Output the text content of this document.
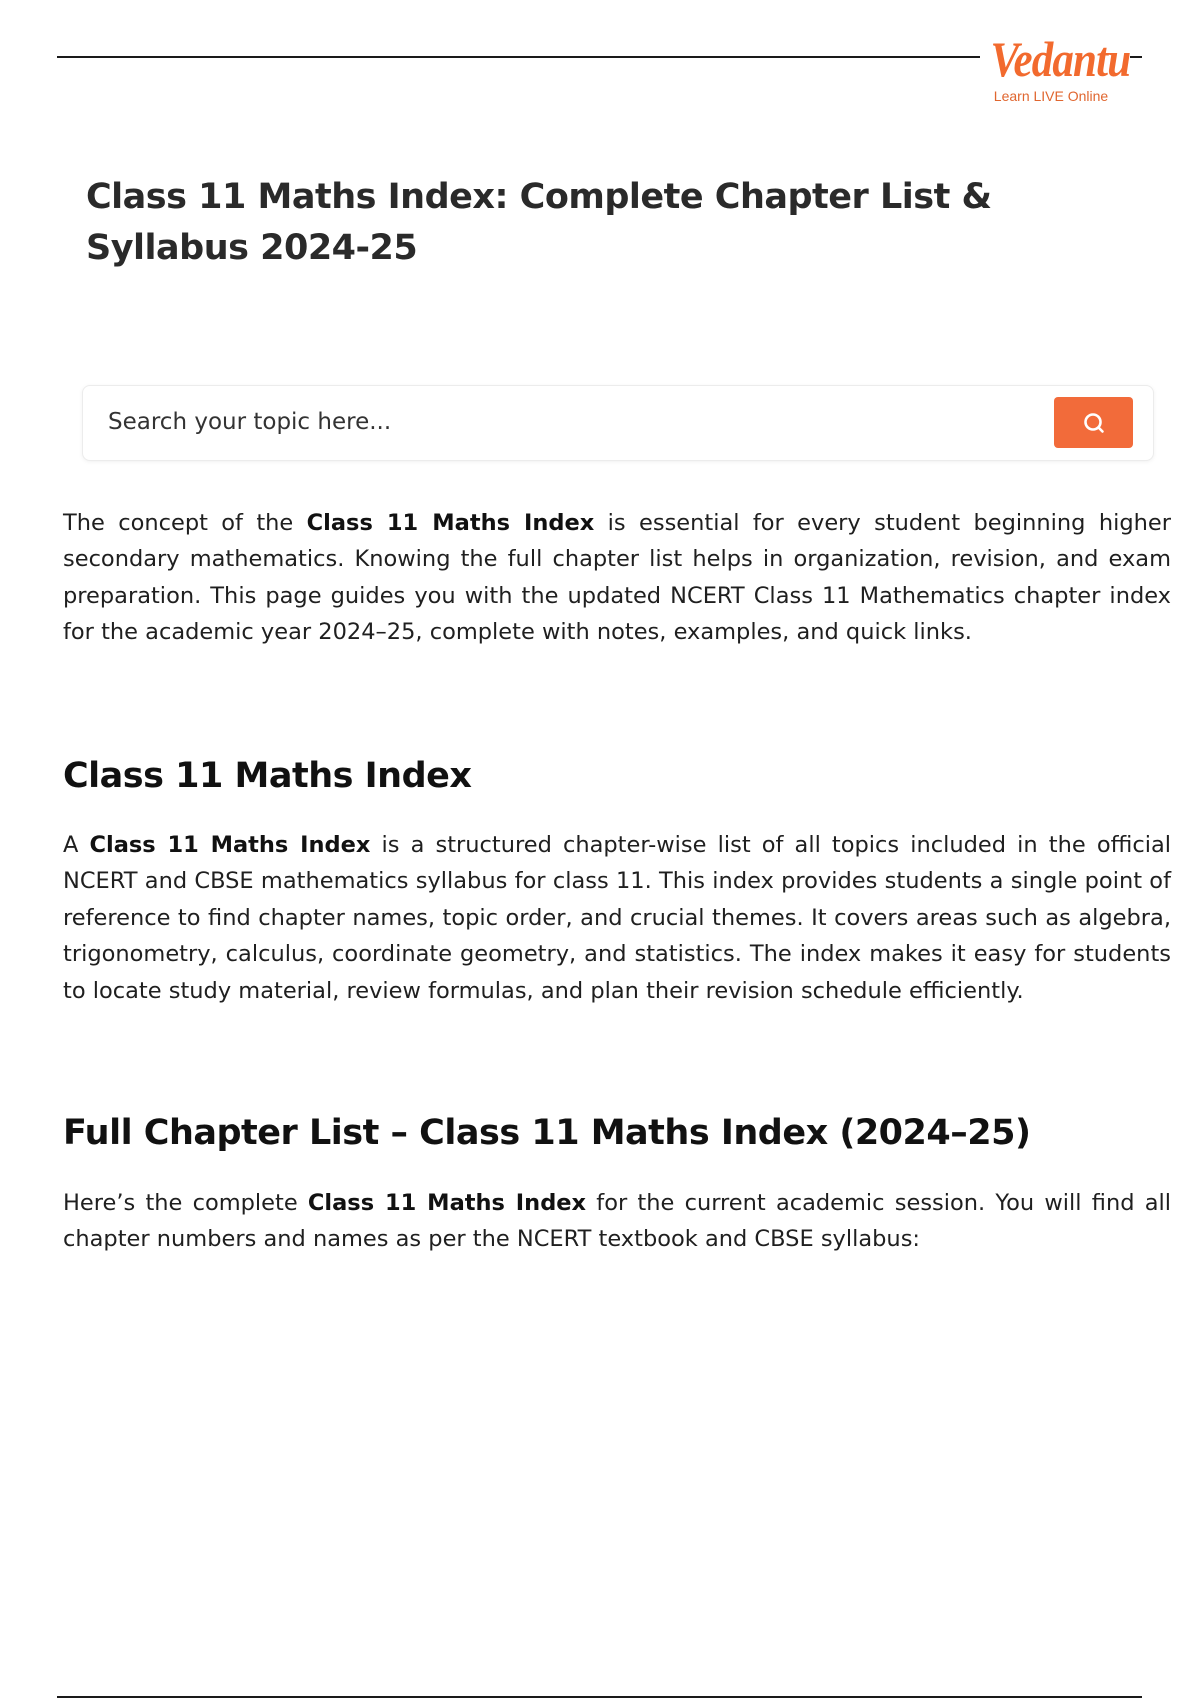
Vedantu
Learn LIVE Online
Class 11 Maths Index: Complete Chapter List & Syllabus 2024-25
Search your topic here...

The concept of the Class 11 Maths Index is essential for every student beginning higher secondary mathematics. Knowing the full chapter list helps in organization, revision, and exam preparation. This page guides you with the updated NCERT Class 11 Mathematics chapter index for the academic year 2024–25, complete with notes, examples, and quick links.

Class 11 Maths Index

A Class 11 Maths Index is a structured chapter-wise list of all topics included in the official NCERT and CBSE mathematics syllabus for class 11. This index provides students a single point of reference to find chapter names, topic order, and crucial themes. It covers areas such as algebra, trigonometry, calculus, coordinate geometry, and statistics. The index makes it easy for students to locate study material, review formulas, and plan their revision schedule efficiently.

Full Chapter List – Class 11 Maths Index (2024–25)

Here’s the complete Class 11 Maths Index for the current academic session. You will find all chapter numbers and names as per the NCERT textbook and CBSE syllabus:
